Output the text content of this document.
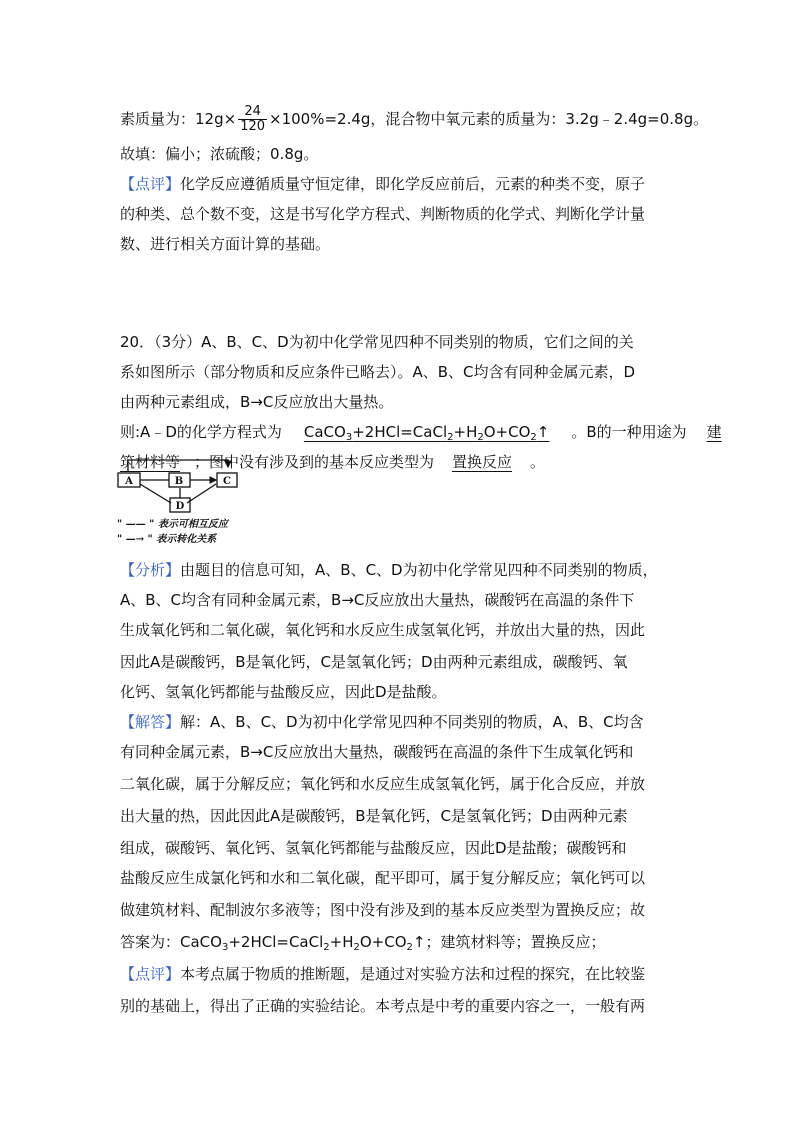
素质量为：$12g\times \frac{24}{120} \times 100\%=2.4g$，混合物中氧元素的质量为：3.2g﹣2.4g=0.8g。
故填：偏小；浓硫酸；0.8g。
【点评】化学反应遵循质量守恒定律，即化学反应前后，元素的种类不变，原子
的种类、总个数不变，这是书写化学方程式、判断物质的化学式、判断化学计量
数、进行相关方面计算的基础。
20．（3分）A、B、C、D为初中化学常见四种不同类别的物质，它们之间的关
系如图所示（部分物质和反应条件已略去）。A、B、C均含有同种金属元素，D
由两种元素组成，B→C反应放出大量热。
则:A﹣D的化学方程式为 $CaCO_3+2HCl=CaCl_2+H_2O+CO_2↑$ 。B的一种用途为 建
筑材料等 ；图中没有涉及到的基本反应类型为 置换反应 。
A	B	C
D
" —— " 表示可相互反应
" —→ " 表示转化关系
【分析】由题目的信息可知，A、B、C、D为初中化学常见四种不同类别的物质，
A、B、C均含有同种金属元素，B→C反应放出大量热，碳酸钙在高温的条件下
生成氧化钙和二氧化碳，氧化钙和水反应生成氢氧化钙，并放出大量的热，因此
因此A是碳酸钙，B是氧化钙，C是氢氧化钙；D由两种元素组成，碳酸钙、氧
化钙、氢氧化钙都能与盐酸反应，因此D是盐酸。
【解答】解：A、B、C、D为初中化学常见四种不同类别的物质，A、B、C均含
有同种金属元素，B→C反应放出大量热，碳酸钙在高温的条件下生成氧化钙和
二氧化碳，属于分解反应；氧化钙和水反应生成氢氧化钙，属于化合反应，并放
出大量的热，因此因此A是碳酸钙，B是氧化钙，C是氢氧化钙；D由两种元素
组成，碳酸钙、氧化钙、氢氧化钙都能与盐酸反应，因此D是盐酸；碳酸钙和
盐酸反应生成氯化钙和水和二氧化碳，配平即可，属于复分解反应；氧化钙可以
做建筑材料、配制波尔多液等；图中没有涉及到的基本反应类型为置换反应；故
答案为：$CaCO_3+2HCl=CaCl_2+H_2O+CO_2↑$；建筑材料等；置换反应；
【点评】本考点属于物质的推断题，是通过对实验方法和过程的探究，在比较鉴
别的基础上，得出了正确的实验结论。本考点是中考的重要内容之一，一般有两
